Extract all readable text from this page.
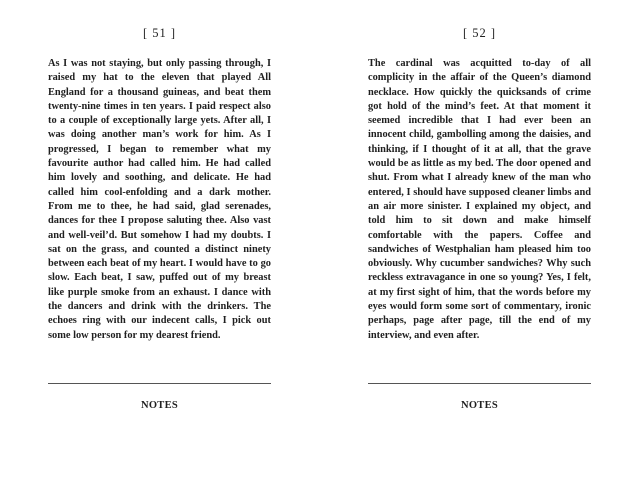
[ 51 ]

As I was not staying, but only passing through, I raised my hat to the eleven that played All England for a thousand guineas, and beat them twenty-nine times in ten years. I paid respect also to a couple of exceptionally large yets. After all, I was doing another man’s work for him. As I progressed, I began to remember what my favourite author had called him. He had called him lovely and soothing, and delicate. He had called him cool-enfolding and a dark mother. From me to thee, he had said, glad serenades, dances for thee I propose saluting thee. Also vast and well-veil’d. But somehow I had my doubts. I sat on the grass, and counted a distinct ninety between each beat of my heart. I would have to go slow. Each beat, I saw, puffed out of my breast like purple smoke from an exhaust. I dance with the dancers and drink with the drinkers. The echoes ring with our indecent calls, I pick out some low person for my dearest friend.

NOTES
[ 52 ]

The cardinal was acquitted to-day of all complicity in the affair of the Queen’s diamond necklace. How quickly the quicksands of crime got hold of the mind’s feet. At that moment it seemed incredible that I had ever been an innocent child, gambolling among the daisies, and thinking, if I thought of it at all, that the grave would be as little as my bed. The door opened and shut. From what I already knew of the man who entered, I should have supposed cleaner limbs and an air more sinister. I explained my object, and told him to sit down and make himself comfortable with the papers. Coffee and sandwiches of Westphalian ham pleased him too obviously. Why cucumber sandwiches? Why such reckless extravagance in one so young? Yes, I felt, at my first sight of him, that the words before my eyes would form some sort of commentary, ironic perhaps, page after page, till the end of my interview, and even after.

NOTES
